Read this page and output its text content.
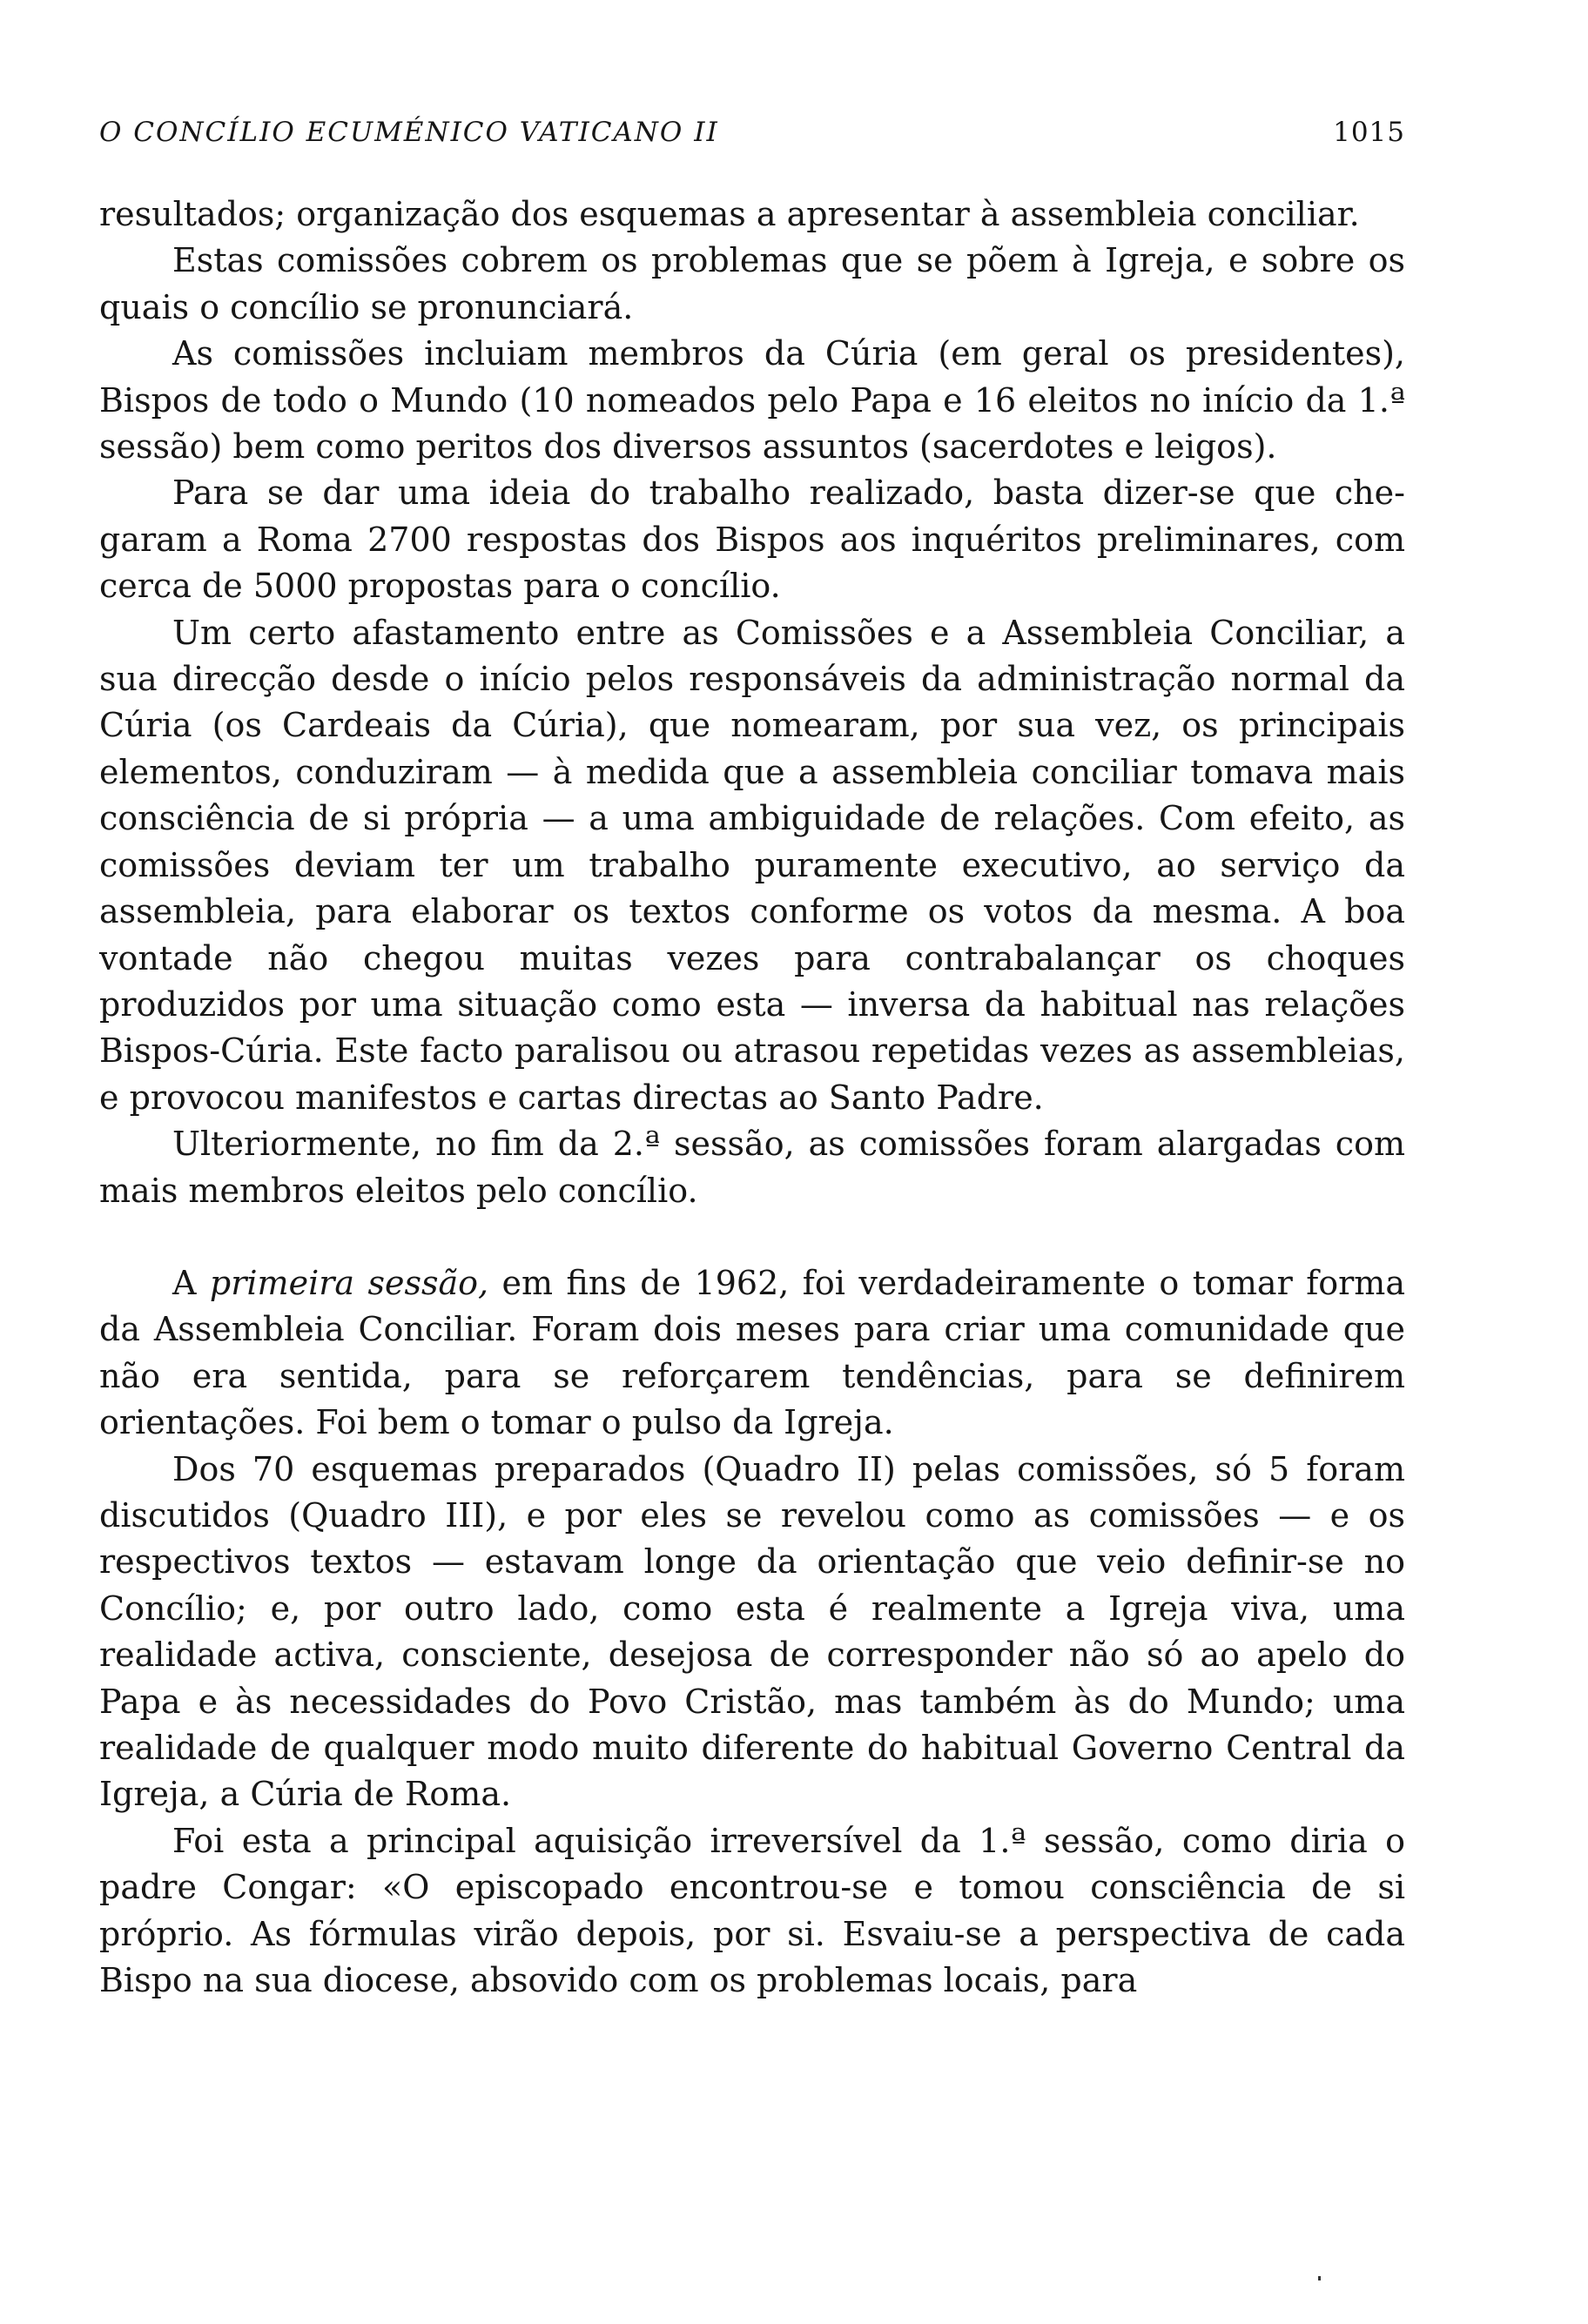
O CONCÍLIO ECUMÉNICO VATICANO II	1015

resultados; organização dos esquemas a apresentar à assembleia conciliar.

Estas comissões cobrem os problemas que se põem à Igreja, e sobre os quais o concílio se pronunciará.

As comissões incluiam membros da Cúria (em geral os presidentes), Bispos de todo o Mundo (10 nomeados pelo Papa e 16 eleitos no início da 1.ª sessão) bem como peritos dos diversos assuntos (sacerdotes e leigos).

Para se dar uma ideia do trabalho realizado, basta dizer-se que chegaram a Roma 2700 respostas dos Bispos aos inquéritos preliminares, com cerca de 5000 propostas para o concílio.

Um certo afastamento entre as Comissões e a Assembleia Conciliar, a sua direcção desde o início pelos responsáveis da administração normal da Cúria (os Cardeais da Cúria), que nomearam, por sua vez, os principais elementos, conduziram — à medida que a assembleia conciliar tomava mais consciência de si própria — a uma ambiguidade de relações. Com efeito, as comissões deviam ter um trabalho puramente executivo, ao serviço da assembleia, para elaborar os textos conforme os votos da mesma. A boa vontade não chegou muitas vezes para contrabalançar os choques produzidos por uma situação como esta — inversa da habitual nas relações Bispos-Cúria. Este facto paralisou ou atrasou repetidas vezes as assembleias, e provocou manifestos e cartas directas ao Santo Padre.

Ulteriormente, no fim da 2.ª sessão, as comissões foram alargadas com mais membros eleitos pelo concílio.

A primeira sessão, em fins de 1962, foi verdadeiramente o tomar forma da Assembleia Conciliar. Foram dois meses para criar uma comunidade que não era sentida, para se reforçarem tendências, para se definirem orientações. Foi bem o tomar o pulso da Igreja.

Dos 70 esquemas preparados (Quadro II) pelas comissões, só 5 foram discutidos (Quadro III), e por eles se revelou como as comissões — e os respectivos textos — estavam longe da orientação que veio definir-se no Concílio; e, por outro lado, como esta é realmente a Igreja viva, uma realidade activa, consciente, desejosa de corresponder não só ao apelo do Papa e às necessidades do Povo Cristão, mas também às do Mundo; uma realidade de qualquer modo muito diferente do habitual Governo Central da Igreja, a Cúria de Roma.

Foi esta a principal aquisição irreversível da 1.ª sessão, como diria o padre Congar: «O episcopado encontrou-se e tomou consciência de si próprio. As fórmulas virão depois, por si. Esvaiu-se a perspectiva de cada Bispo na sua diocese, absovido com os problemas locais, para
